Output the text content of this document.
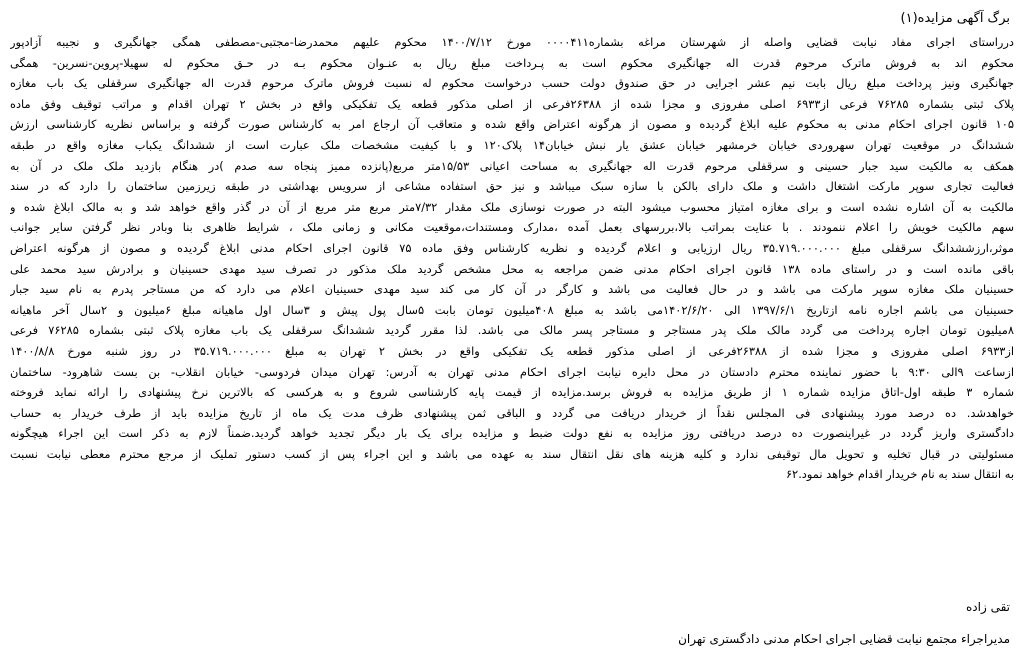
برگ آگهی مزایده(۱)
درراستای اجرای مفاد نیابت قضایی واصله از شهرستان مراغه بشماره۰۰۰۰۴۱۱ مورخ ۱۴۰۰/۷/۱۲ محکوم علیهم محمدرضا-مجتبی-مصطفی همگی جهانگیری و نجیبه آزادپور
محکوم اند به فروش ماترک مرحوم قدرت اله جهانگیری محکوم است به پـرداخت مبلغ ریال به عنـوان محکوم بـه در حـق محکوم له سهیلا-پروین-نسرین- همگی
جهانگیری ونیز پرداخت مبلغ ریال بابت نیم عشر اجرایی در حق صندوق دولت حسب درخواست محکوم له نسبت فروش ماترک مرحوم قدرت اله جهانگیری سرقفلی یک باب مغازه
پلاک ثبتی بشماره ۷۶۲۸۵ فرعی از۶۹۳۳ اصلی مفروزی و مجزا شده از ۲۶۳۸۸فرعی از اصلی مذکور قطعه یک تفکیکی واقع در بخش ۲ تهران اقدام و مراتب توقیف وفق ماده
۱۰۵ قانون اجرای احکام مدنی به محکوم علیه ابلاغ گردیده و مصون از هرگونه اعتراض واقع شده و متعاقب آن ارجاع امر به کارشناس صورت گرفته و براساس نظریه کارشناسی ارزش
ششدانگ در موقعیت تهران سهروردی خیابان خرمشهر خیابان عشق یار نبش خیابان۱۴ پلاک۱۲۰ و با کیفیت مشخصات ملک عبارت است از ششدانگ یکباب مغازه واقع در طبقه
همکف به مالکیت سید جبار حسینی و سرقفلی مرحوم قدرت اله جهانگیری به مساحت اعیانی ۱۵/۵۳متر مربع(پانزده ممیز پنجاه سه صدم )در هنگام بازدید ملک ملک در آن به
فعالیت تجاری سوپر مارکت اشتغال داشت و ملک دارای بالکن با سازه سبک میباشد و نیز حق استفاده مشاعی از سرویس بهداشتی در طبقه زیرزمین ساختمان را دارد که در سند
مالکیت به آن اشاره نشده است و برای مغازه امتیاز محسوب میشود البته در صورت نوسازی ملک مقدار ۷/۳۲متر مربع متر مربع از آن در گذر واقع خواهد شد و به مالک ابلاغ شده و
سهم مالکیت خویش را اعلام ننمودند . با عنایت بمراتب بالا،بررسهای بعمل آمده ،مدارک ومستندات،موقعیت مکانی و زمانی ملک ، شرایط ظاهری بنا وبادر نظر گرفتن سایر جوانب
موثر،ارزششدانگ سرقفلی مبلغ ۳۵.۷۱۹.۰۰۰.۰۰۰ ریال ارزیابی و اعلام گردیده و نظریه کارشناس وفق ماده ۷۵ قانون اجرای احکام مدنی ابلاغ گردیده و مصون از هرگونه اعتراض
باقی مانده است و در راستای ماده ۱۳۸ قانون اجرای احکام مدنی ضمن مراجعه به محل مشخص گردید ملک مذکور در تصرف سید مهدی حسینیان و برادرش سید محمد علی
حسینیان ملک مغازه سوپر مارکت می باشد و در حال فعالیت می باشد و کارگر در آن کار می کند سید مهدی حسینیان اعلام می دارد که من مستاجر پدرم به نام سید جبار
حسینیان می باشم اجاره نامه ازتاریخ ۱۳۹۷/۶/۱ الی ۱۴۰۲/۶/۲۰می باشد به مبلغ ۴۰۸میلیون تومان بابت ۵سال پول پیش و ۳سال اول ماهیانه مبلغ ۶میلیون و ۲سال آخر ماهیانه
۸میلیون تومان اجاره پرداخت می گردد مالک ملک پدر مستاجر و مستاجر پسر مالک می باشد. لذا مقرر گردید ششدانگ سرقفلی یک باب مغازه پلاک ثبتی بشماره ۷۶۲۸۵ فرعی
از۶۹۳۳ اصلی مفروزی و مجزا شده از ۲۶۳۸۸فرعی از اصلی مذکور قطعه یک تفکیکی واقع در بخش ۲ تهران به مبلغ ۳۵.۷۱۹.۰۰۰.۰۰۰ در روز شنبه مورخ ۱۴۰۰/۸/۸
ازساعت ۹الی ۹:۳۰ با حضور نماینده محترم دادستان در محل دایره نیابت اجرای احکام مدنی تهران به آدرس: تهران میدان فردوسی- خیابان انقلاب- بن بست شاهرود- ساختمان
شماره ۳ طبقه اول-اتاق مزایده شماره ۱ از طریق مزایده به فروش برسد.مزایده از قیمت پایه کارشناسی شروع و به هرکسی که بالاترین نرخ پیشنهادی را ارائه نماید فروخته
خواهدشد. ده درصد مورد پیشنهادی فی المجلس نقداً از خریدار دریافت می گردد و الباقی ثمن پیشنهادی ظرف مدت یک ماه از تاریخ مزایده باید از طرف خریدار به حساب
دادگستری واریز گردد در غیراینصورت ده درصد دریافتی روز مزایده به نفع دولت ضبط و مزایده برای یک بار دیگر تجدید خواهد گردید.ضمناً لازم به ذکر است این اجراء هیچگونه
مسئولیتی در قبال تخلیه و تحویل مال توقیفی ندارد و کلیه هزینه های نقل انتقال سند به عهده می باشد و این اجراء پس از کسب دستور تملیک از مرجع محترم معطی نیابت نسبت
به انتقال سند به نام خریدار اقدام خواهد نمود.۶۲
تقی زاده
مدیراجراء مجتمع نیابت قضایی اجرای احکام مدنی دادگستری تهران
